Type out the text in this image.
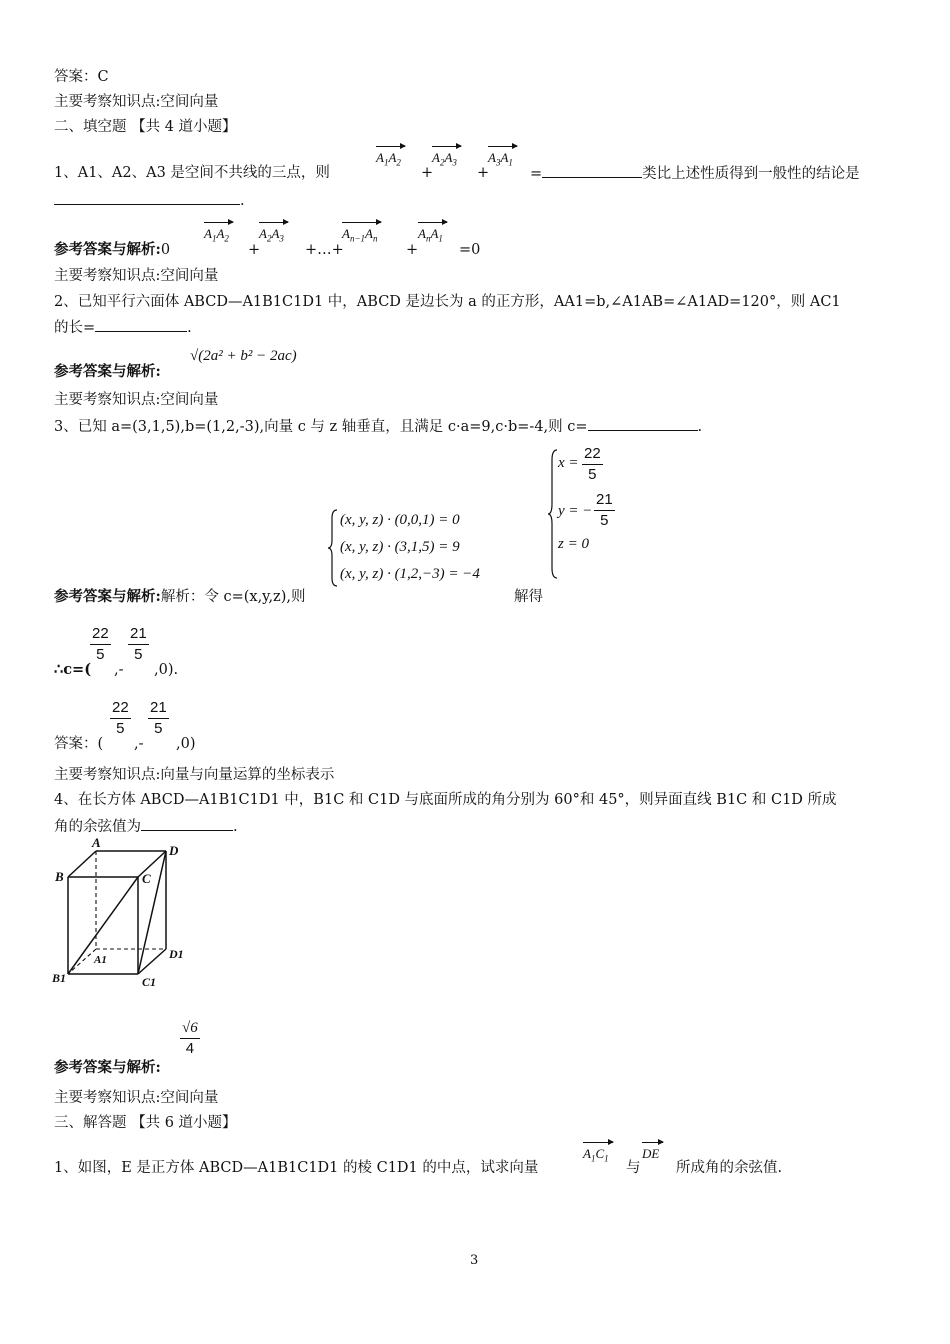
答案：C
主要考察知识点:空间向量
二、填空题 【共 4 道小题】
1、A1、A2、A3 是空间不共线的三点，则
$A_1A_2$
+
$A_2A_3$
+
$A_3A_1$
=	类比上述性质得到一般性的结论是
.
参考答案与解析:0
$A_1A_2$
+
$A_2A_3$
+…+
$A_{n-1}A_n$
+
$A_nA_1$
=0
主要考察知识点:空间向量
2、已知平行六面体 ABCD—A1B1C1D1 中，ABCD 是边长为 a 的正方形，AA1=b,∠A1AB=∠A1AD=120°，则 AC1
的长=	.
参考答案与解析:
√(2a² + b² − 2ac)
主要考察知识点:空间向量
3、已知 a=(3,1,5),b=(1,2,-3),向量 c 与 z 轴垂直，且满足 c·a=9,c·b=-4,则 c=	.
(x, y, z) · (0,0,1) = 0
(x, y, z) · (3,1,5) = 9
(x, y, z) · (1,2,−3) = −4
$x = \frac{22}{5}$
y = − $\frac{21}{5}$
z = 0
参考答案与解析:解析：令 c=(x,y,z),则	解得
$\frac{22}{5} \frac{21}{5}$
∴c=( ,- ,0).
$\frac{22}{5} \frac{21}{5}$
答案：( ,- ,0)
主要考察知识点:向量与向量运算的坐标表示
4、在长方体 ABCD—A1B1C1D1 中，B1C 和 C1D 与底面所成的角分别为 60°和 45°，则异面直线 B1C 和 C1D 所成
角的余弦值为	.
A
B	C
D
A1
B1	C1
D1
参考答案与解析:
$\frac{√6}{4}$
主要考察知识点:空间向量
三、解答题 【共 6 道小题】
1、如图，E 是正方体 ABCD—A1B1C1D1 的棱 C1D1 的中点，试求向量
$A_1C_1$
与
DE
所成角的余弦值.
3
